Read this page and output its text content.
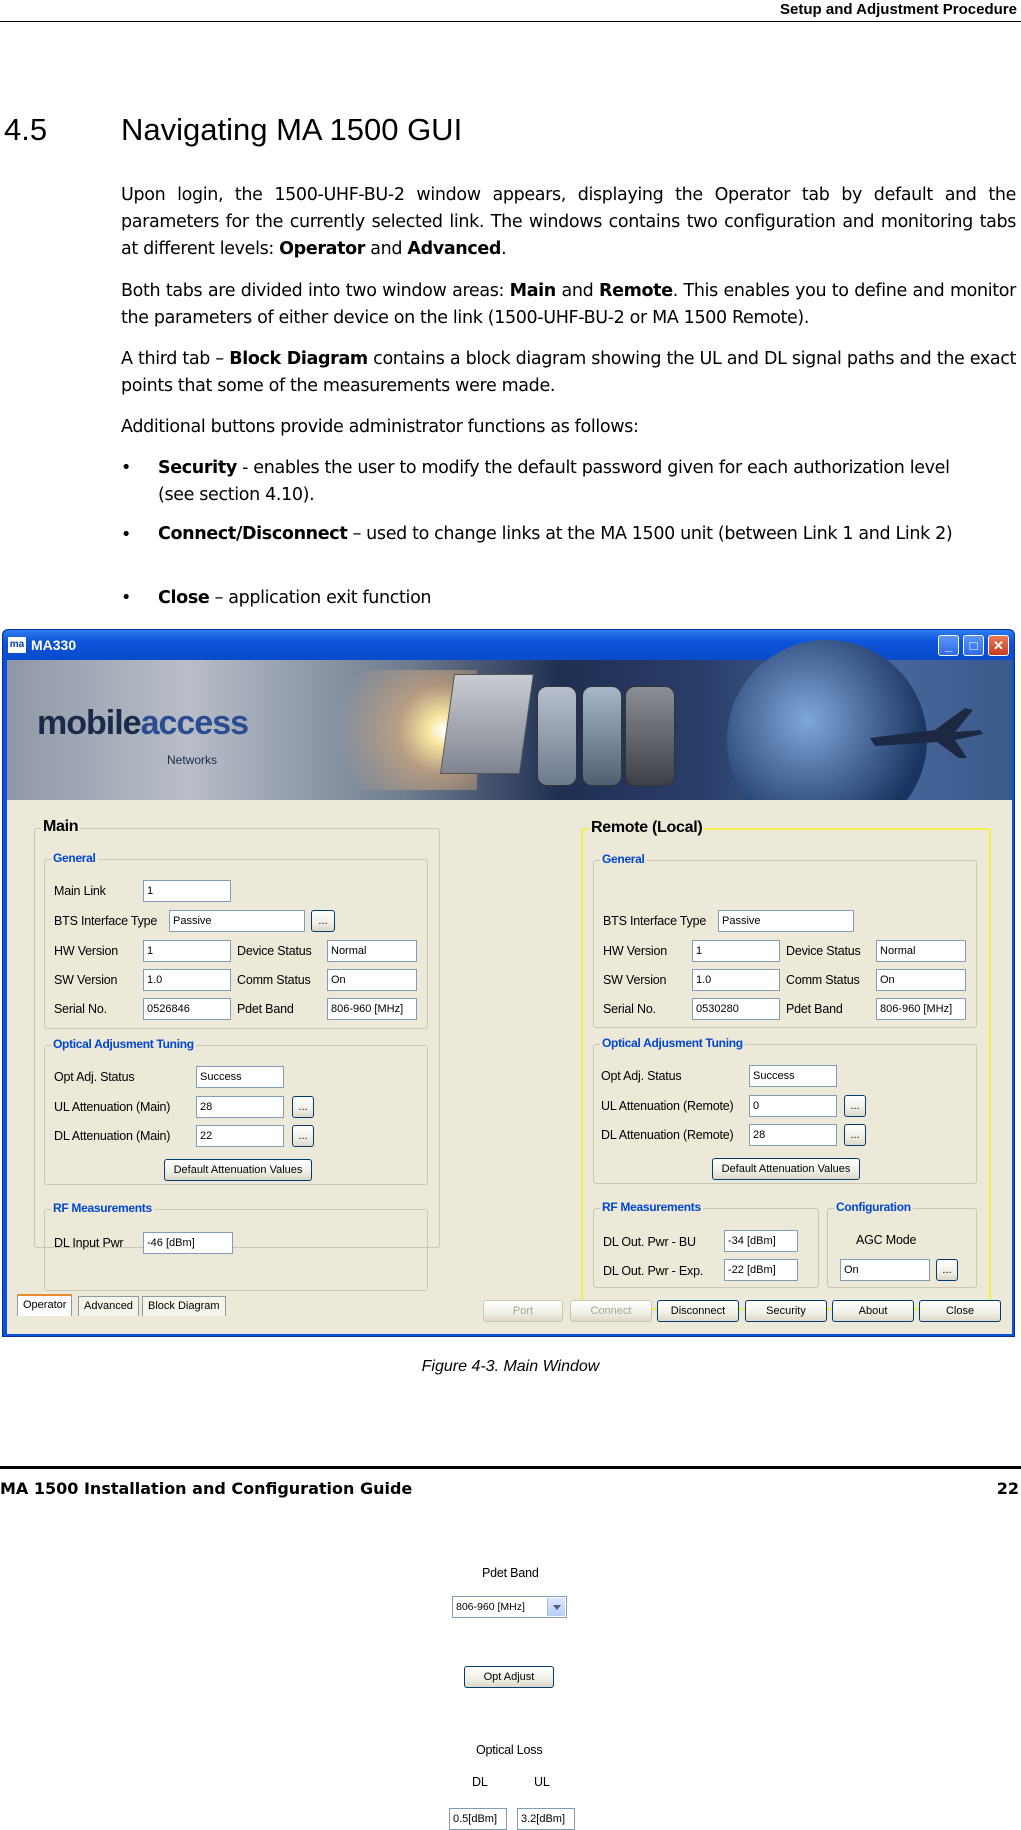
Setup and Adjustment Procedure
4.5 Navigating MA 1500 GUI
Upon login, the 1500-UHF-BU-2 window appears, displaying the Operator tab by default and the parameters for the currently selected link. The windows contains two configuration and monitoring tabs at different levels: Operator and Advanced.
Both tabs are divided into two window areas: Main and Remote. This enables you to define and monitor the parameters of either device on the link (1500-UHF-BU-2 or MA 1500 Remote).
A third tab – Block Diagram contains a block diagram showing the UL and DL signal paths and the exact points that some of the measurements were made.
Additional buttons provide administrator functions as follows:
•	Security - enables the user to modify the default password given for each authorization level (see section 4.10).
•	Connect/Disconnect – used to change links at the MA 1500 unit (between Link 1 and Link 2)
•	Close – application exit function
ma MA330	_	□	✕
mobileaccess
Networks
Main
General
Main Link	1
BTS Interface Type	Passive	...
HW Version	1	Device Status	Normal
SW Version	1.0	Comm Status	On
Serial No.	0526846	Pdet Band	806-960 [MHz]
Optical Adjusment Tuning
Opt Adj. Status	Success
UL Attenuation (Main)	28	...
DL Attenuation (Main)	22	...
Default Attenuation Values
RF Measurements
DL Input Pwr	-46 [dBm]
Pdet Band
806-960 [MHz]
Opt Adjust
Optical Loss
DL	UL
0.5[dBm]	3.2[dBm]
Remote (Local)
General
BTS Interface Type	Passive
HW Version	1	Device Status	Normal
SW Version	1.0	Comm Status	On
Serial No.	0530280	Pdet Band	806-960 [MHz]
Optical Adjusment Tuning
Opt Adj. Status	Success
UL Attenuation (Remote)	0	...
DL Attenuation (Remote)	28	...
Default Attenuation Values
RF Measurements
DL Out. Pwr - BU	-34 [dBm]
DL Out. Pwr - Exp.	-22 [dBm]
Configuration
AGC Mode
On	...
Operator	Advanced	Block Diagram	Port	Connect	Disconnect	Security	About	Close
Figure 4-3. Main Window
MA 1500 Installation and Configuration Guide	22
